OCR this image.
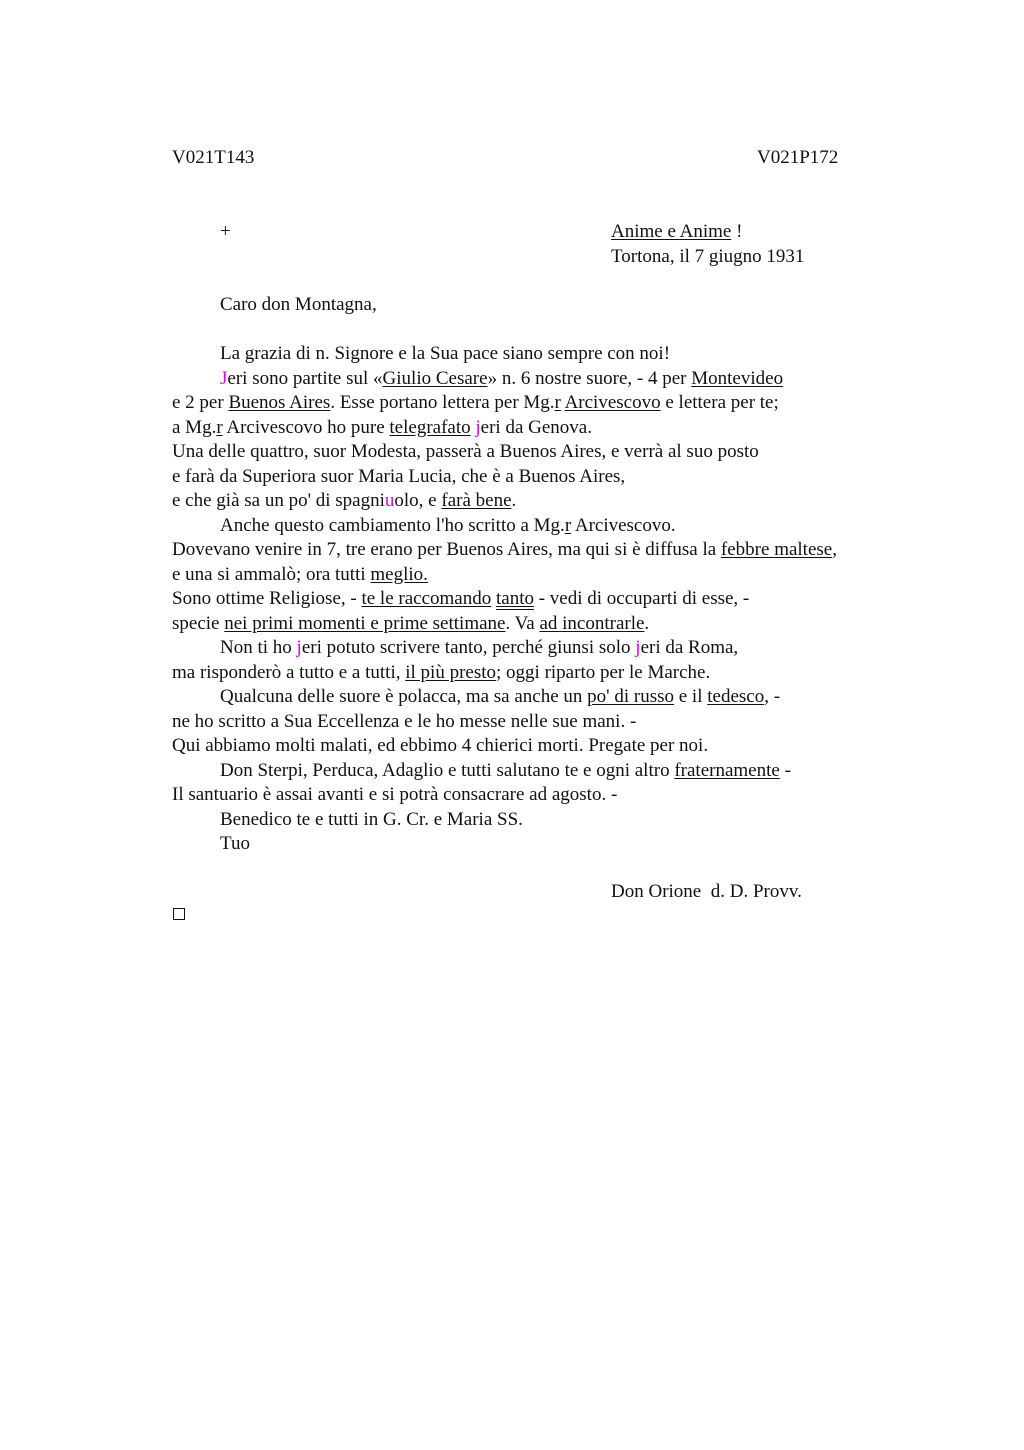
V021T143	V021P172
+	Anime e Anime !
Tortona, il 7 giugno 1931
Caro don Montagna,
La grazia di n. Signore e la Sua pace siano sempre con noi!
Jeri sono partite sul «Giulio Cesare» n. 6 nostre suore, - 4 per Montevideo
e 2 per Buenos Aires. Esse portano lettera per Mg.r Arcivescovo e lettera per te;
a Mg.r Arcivescovo ho pure telegrafato jeri da Genova.
Una delle quattro, suor Modesta, passerà a Buenos Aires, e verrà al suo posto
e farà da Superiora suor Maria Lucia, che è a Buenos Aires,
e che già sa un po' di spagniuolo, e farà bene.
Anche questo cambiamento l'ho scritto a Mg.r Arcivescovo.
Dovevano venire in 7, tre erano per Buenos Aires, ma qui si è diffusa la febbre maltese,
e una si ammalò; ora tutti meglio.
Sono ottime Religiose, - te le raccomando tanto - vedi di occuparti di esse, -
specie nei primi momenti e prime settimane. Va ad incontrarle.
Non ti ho jeri potuto scrivere tanto, perché giunsi solo jeri da Roma,
ma risponderò a tutto e a tutti, il più presto; oggi riparto per le Marche.
Qualcuna delle suore è polacca, ma sa anche un po' di russo e il tedesco, -
ne ho scritto a Sua Eccellenza e le ho messe nelle sue mani. -
Qui abbiamo molti malati, ed ebbimo 4 chierici morti. Pregate per noi.
Don Sterpi, Perduca, Adaglio e tutti salutano te e ogni altro fraternamente -
Il santuario è assai avanti e si potrà consacrare ad agosto. -
Benedico te e tutti in G. Cr. e Maria SS.
Tuo
Don Orione  d. D. Provv.
